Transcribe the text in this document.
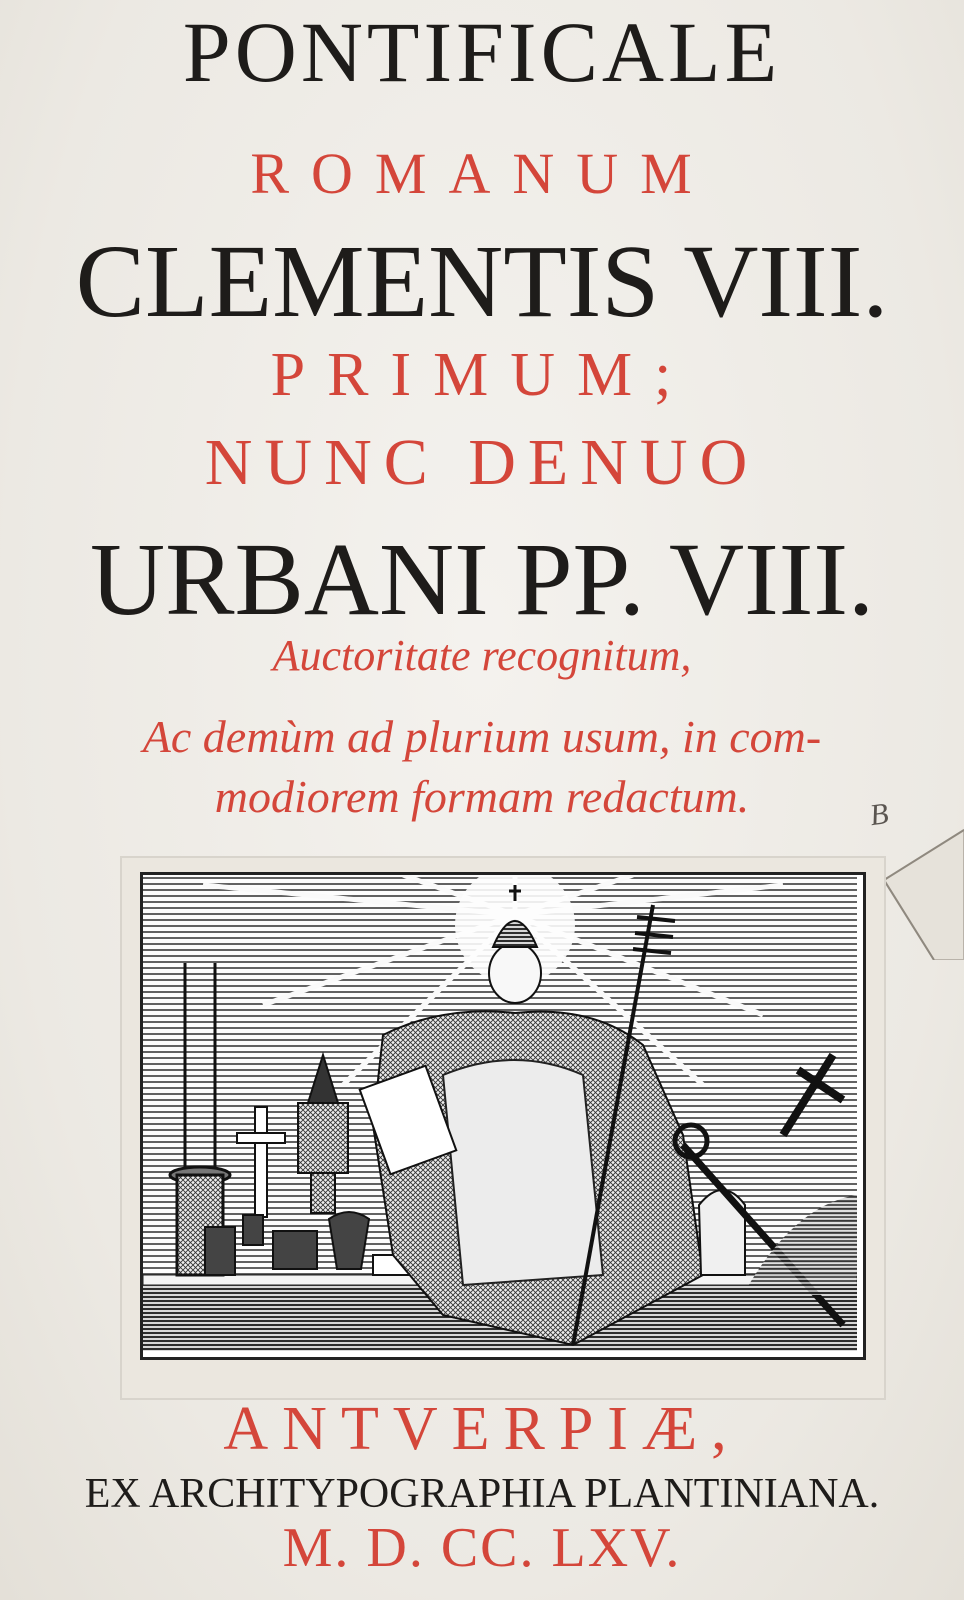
PONTIFICALE
ROMANUM
CLEMENTIS VIII.
PRIMUM;
NUNC DENUO
URBANI PP. VIII.
Auctoritate recognitum,
Ac demùm ad plurium usum, in com-
modiorem formam redactum.	B
ANTVERPIÆ,
EX ARCHITYPOGRAPHIA PLANTINIANA.
M. D. CC. LXV.
